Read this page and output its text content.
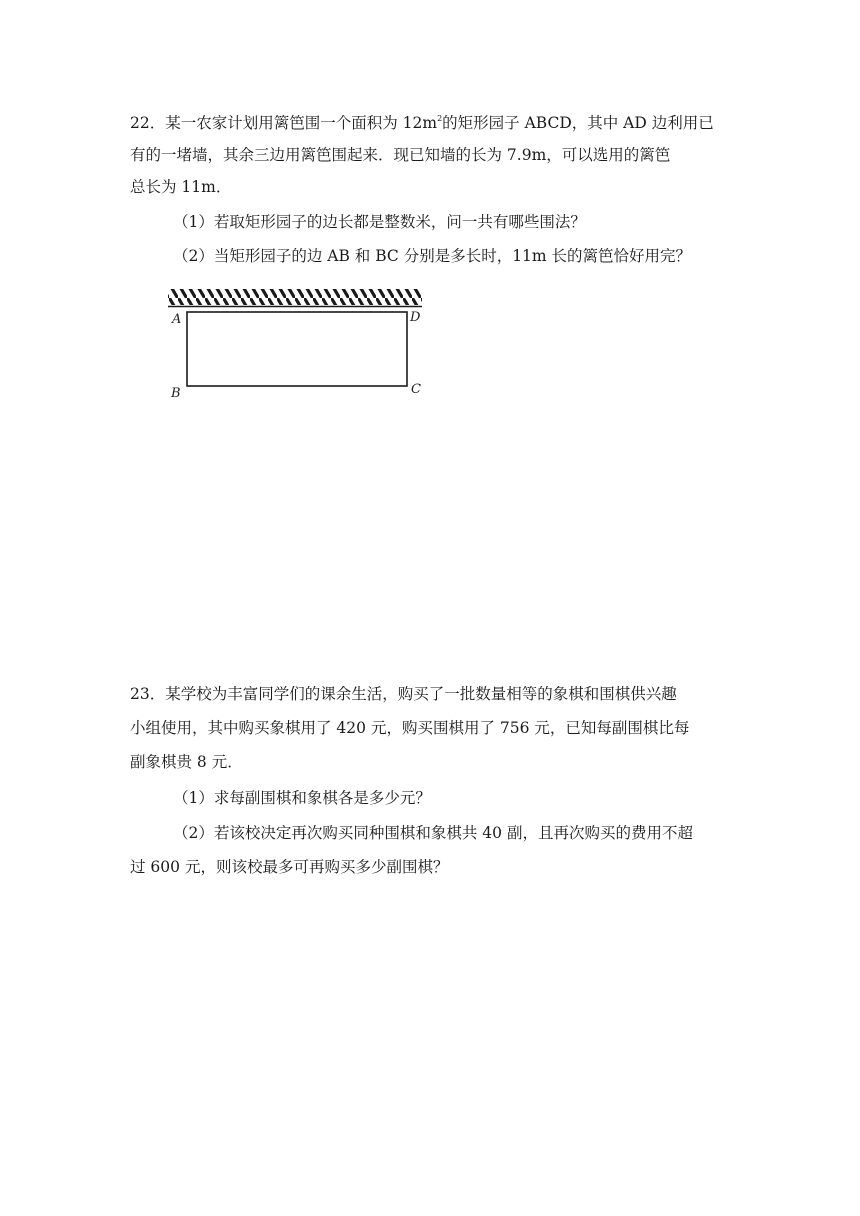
22．某一农家计划用篱笆围一个面积为 $12m^2$的矩形园子 ABCD，其中 AD 边利用已
有的一堵墙，其余三边用篱笆围起来．现已知墙的长为 7.9m，可以选用的篱笆
总长为 11m．
（1）若取矩形园子的边长都是整数米，问一共有哪些围法？
（2）当矩形园子的边 AB 和 BC 分别是多长时，11m 长的篱笆恰好用完？
A	D
B	C
23．某学校为丰富同学们的课余生活，购买了一批数量相等的象棋和围棋供兴趣
小组使用，其中购买象棋用了 420 元，购买围棋用了 756 元，已知每副围棋比每
副象棋贵 8 元．
（1）求每副围棋和象棋各是多少元？
（2）若该校决定再次购买同种围棋和象棋共 40 副，且再次购买的费用不超
过 600 元，则该校最多可再购买多少副围棋？
